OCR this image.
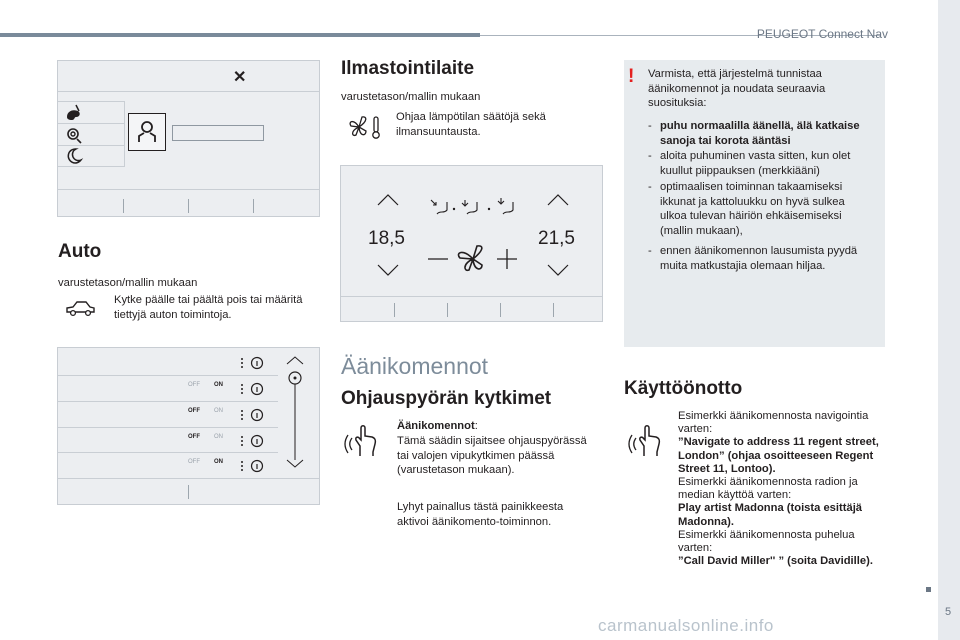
PEUGEOT Connect Nav
5
carmanualsonline.info
✕
Auto
varustetason/mallin mukaan
Kytke päälle tai päältä pois tai määritä tiettyjä auton toimintoja.
OFF ON
OFF ON
OFF ON
OFF ON
Ilmastointilaite
varustetason/mallin mukaan
Ohjaa lämpötilan säätöjä sekä ilmansuuntausta.
18,5	21,5
Äänikomennot
Ohjauspyörän kytkimet
Äänikomennot:
Tämä säädin sijaitsee ohjauspyörässä tai valojen vipukytkimen päässä (varustetason mukaan).
Lyhyt painallus tästä painikkeesta aktivoi äänikomento-toiminnon.
! Varmista, että järjestelmä tunnistaa äänikomennot ja noudata seuraavia suosituksia:
- puhu normaalilla äänellä, älä katkaise sanoja tai korota ääntäsi
- aloita puhuminen vasta sitten, kun olet kuullut piippauksen (merkkiääni)
- optimaalisen toiminnan takaamiseksi ikkunat ja kattoluukku on hyvä sulkea ulkoa tulevan häiriön ehkäisemiseksi (mallin mukaan),
- ennen äänikomennon lausumista pyydä muita matkustajia olemaan hiljaa.
Käyttöönotto
Esimerkki äänikomennosta navigointia varten:
”Navigate to address 11 regent street, London” (ohjaa osoitteeseen Regent Street 11, Lontoo).
Esimerkki äänikomennosta radion ja median käyttöä varten:
Play artist Madonna (toista esittäjä Madonna).
Esimerkki äänikomennosta puhelua varten:
”Call David Miller'' ” (soita Davidille).
